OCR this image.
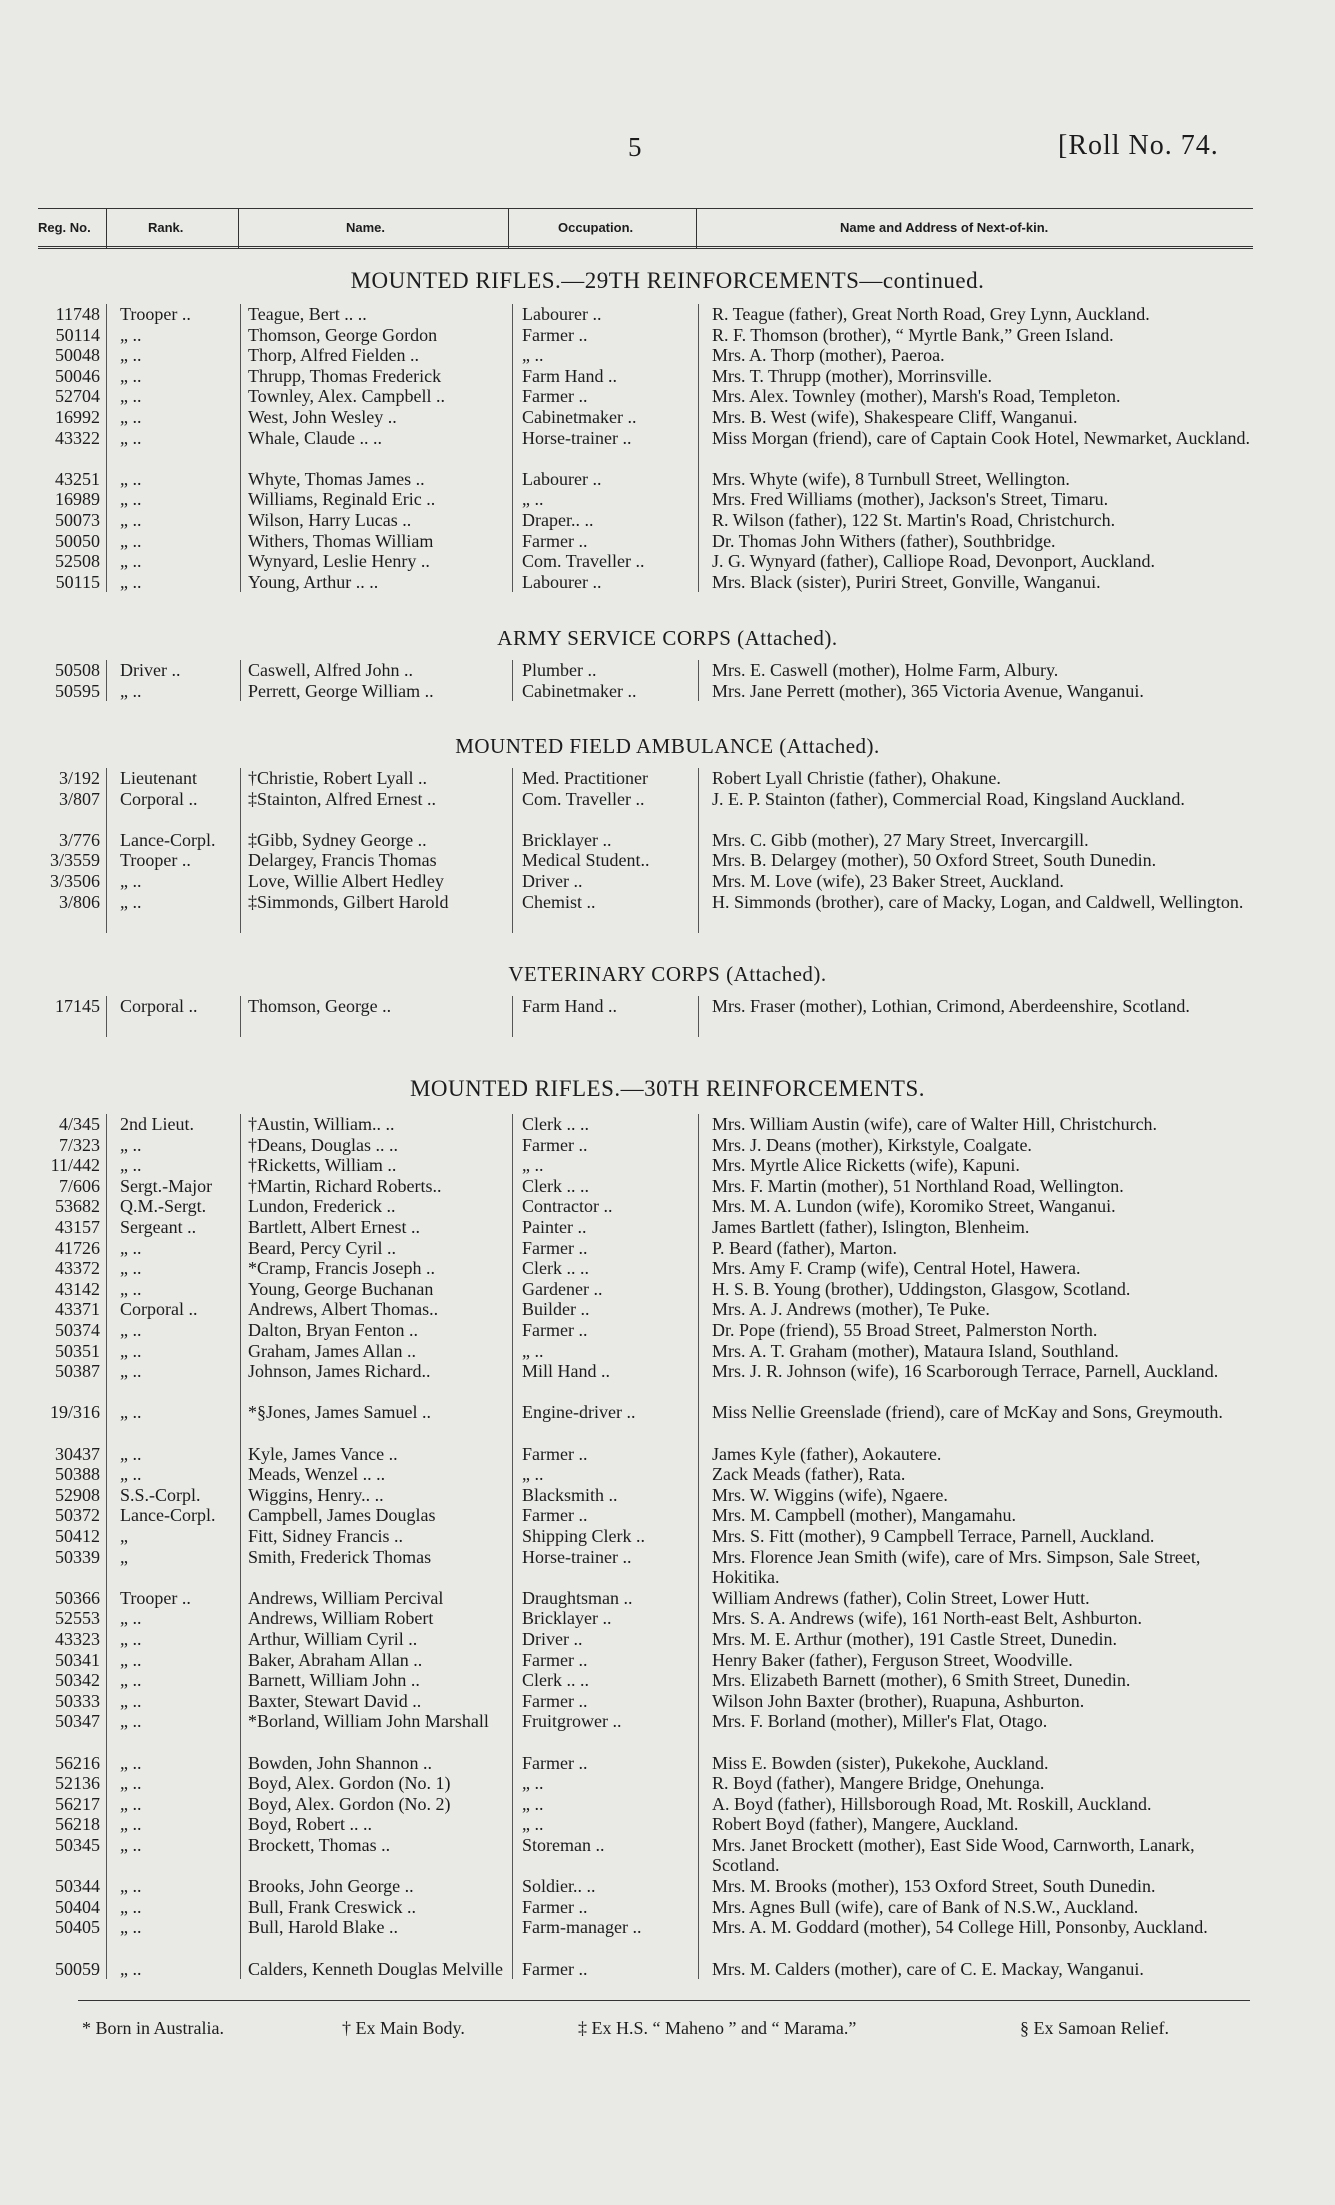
5	[Roll No. 74.
Reg. No.	Rank.	Name.	Occupation.	Name and Address of Next-of-kin.
MOUNTED RIFLES.—29TH REINFORCEMENTS—continued.
11748 Trooper ..	Teague, Bert .. ..	Labourer ..	R. Teague (father), Great North Road, Grey Lynn, Auckland.
50114 „ ..	Thomson, George Gordon	Farmer ..	R. F. Thomson (brother), “ Myrtle Bank,” Green Island.
50048 „ ..	Thorp, Alfred Fielden ..	„ ..	Mrs. A. Thorp (mother), Paeroa.
50046 „ ..	Thrupp, Thomas Frederick	Farm Hand ..	Mrs. T. Thrupp (mother), Morrinsville.
52704 „ ..	Townley, Alex. Campbell ..	Farmer ..	Mrs. Alex. Townley (mother), Marsh's Road, Templeton.
16992 „ ..	West, John Wesley ..	Cabinetmaker ..	Mrs. B. West (wife), Shakespeare Cliff, Wanganui.
43322 „ ..	Whale, Claude .. ..	Horse-trainer ..	Miss Morgan (friend), care of Captain Cook Hotel, Newmarket, Auckland.
43251 „ ..	Whyte, Thomas James ..	Labourer ..	Mrs. Whyte (wife), 8 Turnbull Street, Wellington.
16989 „ ..	Williams, Reginald Eric ..	„ ..	Mrs. Fred Williams (mother), Jackson's Street, Timaru.
50073 „ ..	Wilson, Harry Lucas ..	Draper.. ..	R. Wilson (father), 122 St. Martin's Road, Christchurch.
50050 „ ..	Withers, Thomas William	Farmer ..	Dr. Thomas John Withers (father), Southbridge.
52508 „ ..	Wynyard, Leslie Henry ..	Com. Traveller ..	J. G. Wynyard (father), Calliope Road, Devonport, Auckland.
50115 „ ..	Young, Arthur .. ..	Labourer ..	Mrs. Black (sister), Puriri Street, Gonville, Wanganui.
ARMY SERVICE CORPS (Attached).
50508 Driver ..	Caswell, Alfred John ..	Plumber ..	Mrs. E. Caswell (mother), Holme Farm, Albury.
50595 „ ..	Perrett, George William ..	Cabinetmaker ..	Mrs. Jane Perrett (mother), 365 Victoria Avenue, Wanganui.
MOUNTED FIELD AMBULANCE (Attached).
3/192 Lieutenant	†Christie, Robert Lyall ..	Med. Practitioner	Robert Lyall Christie (father), Ohakune.
3/807 Corporal ..	‡Stainton, Alfred Ernest ..	Com. Traveller ..	J. E. P. Stainton (father), Commercial Road, Kingsland Auckland.
3/776 Lance-Corpl.	‡Gibb, Sydney George ..	Bricklayer ..	Mrs. C. Gibb (mother), 27 Mary Street, Invercargill.
3/3559 Trooper ..	Delargey, Francis Thomas	Medical Student..	Mrs. B. Delargey (mother), 50 Oxford Street, South Dunedin.
3/3506 „ ..	Love, Willie Albert Hedley	Driver ..	Mrs. M. Love (wife), 23 Baker Street, Auckland.
3/806 „ ..	‡Simmonds, Gilbert Harold	Chemist ..	H. Simmonds (brother), care of Macky, Logan, and Caldwell, Wellington.
VETERINARY CORPS (Attached).
17145 Corporal ..	Thomson, George ..	Farm Hand ..	Mrs. Fraser (mother), Lothian, Crimond, Aberdeenshire, Scotland.
MOUNTED RIFLES.—30TH REINFORCEMENTS.
4/345 2nd Lieut.	†Austin, William.. ..	Clerk .. ..	Mrs. William Austin (wife), care of Walter Hill, Christchurch.
7/323 „ ..	†Deans, Douglas .. ..	Farmer ..	Mrs. J. Deans (mother), Kirkstyle, Coalgate.
11/442 „ ..	†Ricketts, William ..	„ ..	Mrs. Myrtle Alice Ricketts (wife), Kapuni.
7/606 Sergt.-Major	†Martin, Richard Roberts..	Clerk .. ..	Mrs. F. Martin (mother), 51 Northland Road, Wellington.
53682 Q.M.-Sergt.	Lundon, Frederick ..	Contractor ..	Mrs. M. A. Lundon (wife), Koromiko Street, Wanganui.
43157 Sergeant ..	Bartlett, Albert Ernest ..	Painter ..	James Bartlett (father), Islington, Blenheim.
41726 „ ..	Beard, Percy Cyril ..	Farmer ..	P. Beard (father), Marton.
43372 „ ..	*Cramp, Francis Joseph ..	Clerk .. ..	Mrs. Amy F. Cramp (wife), Central Hotel, Hawera.
43142 „ ..	Young, George Buchanan	Gardener ..	H. S. B. Young (brother), Uddingston, Glasgow, Scotland.
43371 Corporal ..	Andrews, Albert Thomas..	Builder ..	Mrs. A. J. Andrews (mother), Te Puke.
50374 „ ..	Dalton, Bryan Fenton ..	Farmer ..	Dr. Pope (friend), 55 Broad Street, Palmerston North.
50351 „ ..	Graham, James Allan ..	„ ..	Mrs. A. T. Graham (mother), Mataura Island, Southland.
50387 „ ..	Johnson, James Richard..	Mill Hand ..	Mrs. J. R. Johnson (wife), 16 Scarborough Terrace, Parnell, Auckland.
19/316 „ ..	*§Jones, James Samuel ..	Engine-driver ..	Miss Nellie Greenslade (friend), care of McKay and Sons, Greymouth.
30437 „ ..	Kyle, James Vance ..	Farmer ..	James Kyle (father), Aokautere.
50388 „ ..	Meads, Wenzel .. ..	„ ..	Zack Meads (father), Rata.
52908 S.S.-Corpl.	Wiggins, Henry.. ..	Blacksmith ..	Mrs. W. Wiggins (wife), Ngaere.
50372 Lance-Corpl.	Campbell, James Douglas	Farmer ..	Mrs. M. Campbell (mother), Mangamahu.
50412 „	Fitt, Sidney Francis ..	Shipping Clerk ..	Mrs. S. Fitt (mother), 9 Campbell Terrace, Parnell, Auckland.
50339 „	Smith, Frederick Thomas	Horse-trainer ..	Mrs. Florence Jean Smith (wife), care of Mrs. Simpson, Sale Street, Hokitika.
50366 Trooper ..	Andrews, William Percival	Draughtsman ..	William Andrews (father), Colin Street, Lower Hutt.
52553 „ ..	Andrews, William Robert	Bricklayer ..	Mrs. S. A. Andrews (wife), 161 North-east Belt, Ashburton.
43323 „ ..	Arthur, William Cyril ..	Driver ..	Mrs. M. E. Arthur (mother), 191 Castle Street, Dunedin.
50341 „ ..	Baker, Abraham Allan ..	Farmer ..	Henry Baker (father), Ferguson Street, Woodville.
50342 „ ..	Barnett, William John ..	Clerk .. ..	Mrs. Elizabeth Barnett (mother), 6 Smith Street, Dunedin.
50333 „ ..	Baxter, Stewart David ..	Farmer ..	Wilson John Baxter (brother), Ruapuna, Ashburton.
50347 „ ..	*Borland, William John Marshall	Fruitgrower ..	Mrs. F. Borland (mother), Miller's Flat, Otago.
56216 „ ..	Bowden, John Shannon ..	Farmer ..	Miss E. Bowden (sister), Pukekohe, Auckland.
52136 „ ..	Boyd, Alex. Gordon (No. 1)	„ ..	R. Boyd (father), Mangere Bridge, Onehunga.
56217 „ ..	Boyd, Alex. Gordon (No. 2)	„ ..	A. Boyd (father), Hillsborough Road, Mt. Roskill, Auckland.
56218 „ ..	Boyd, Robert .. ..	„ ..	Robert Boyd (father), Mangere, Auckland.
50345 „ ..	Brockett, Thomas ..	Storeman ..	Mrs. Janet Brockett (mother), East Side Wood, Carnworth, Lanark, Scotland.
50344 „ ..	Brooks, John George ..	Soldier.. ..	Mrs. M. Brooks (mother), 153 Oxford Street, South Dunedin.
50404 „ ..	Bull, Frank Creswick ..	Farmer ..	Mrs. Agnes Bull (wife), care of Bank of N.S.W., Auckland.
50405 „ ..	Bull, Harold Blake ..	Farm-manager ..	Mrs. A. M. Goddard (mother), 54 College Hill, Ponsonby, Auckland.
50059 „ ..	Calders, Kenneth Douglas Melville Farmer ..	Mrs. M. Calders (mother), care of C. E. Mackay, Wanganui.
* Born in Australia.	† Ex Main Body.	‡ Ex H.S. “ Maheno ” and “ Marama.”	§ Ex Samoan Relief.
